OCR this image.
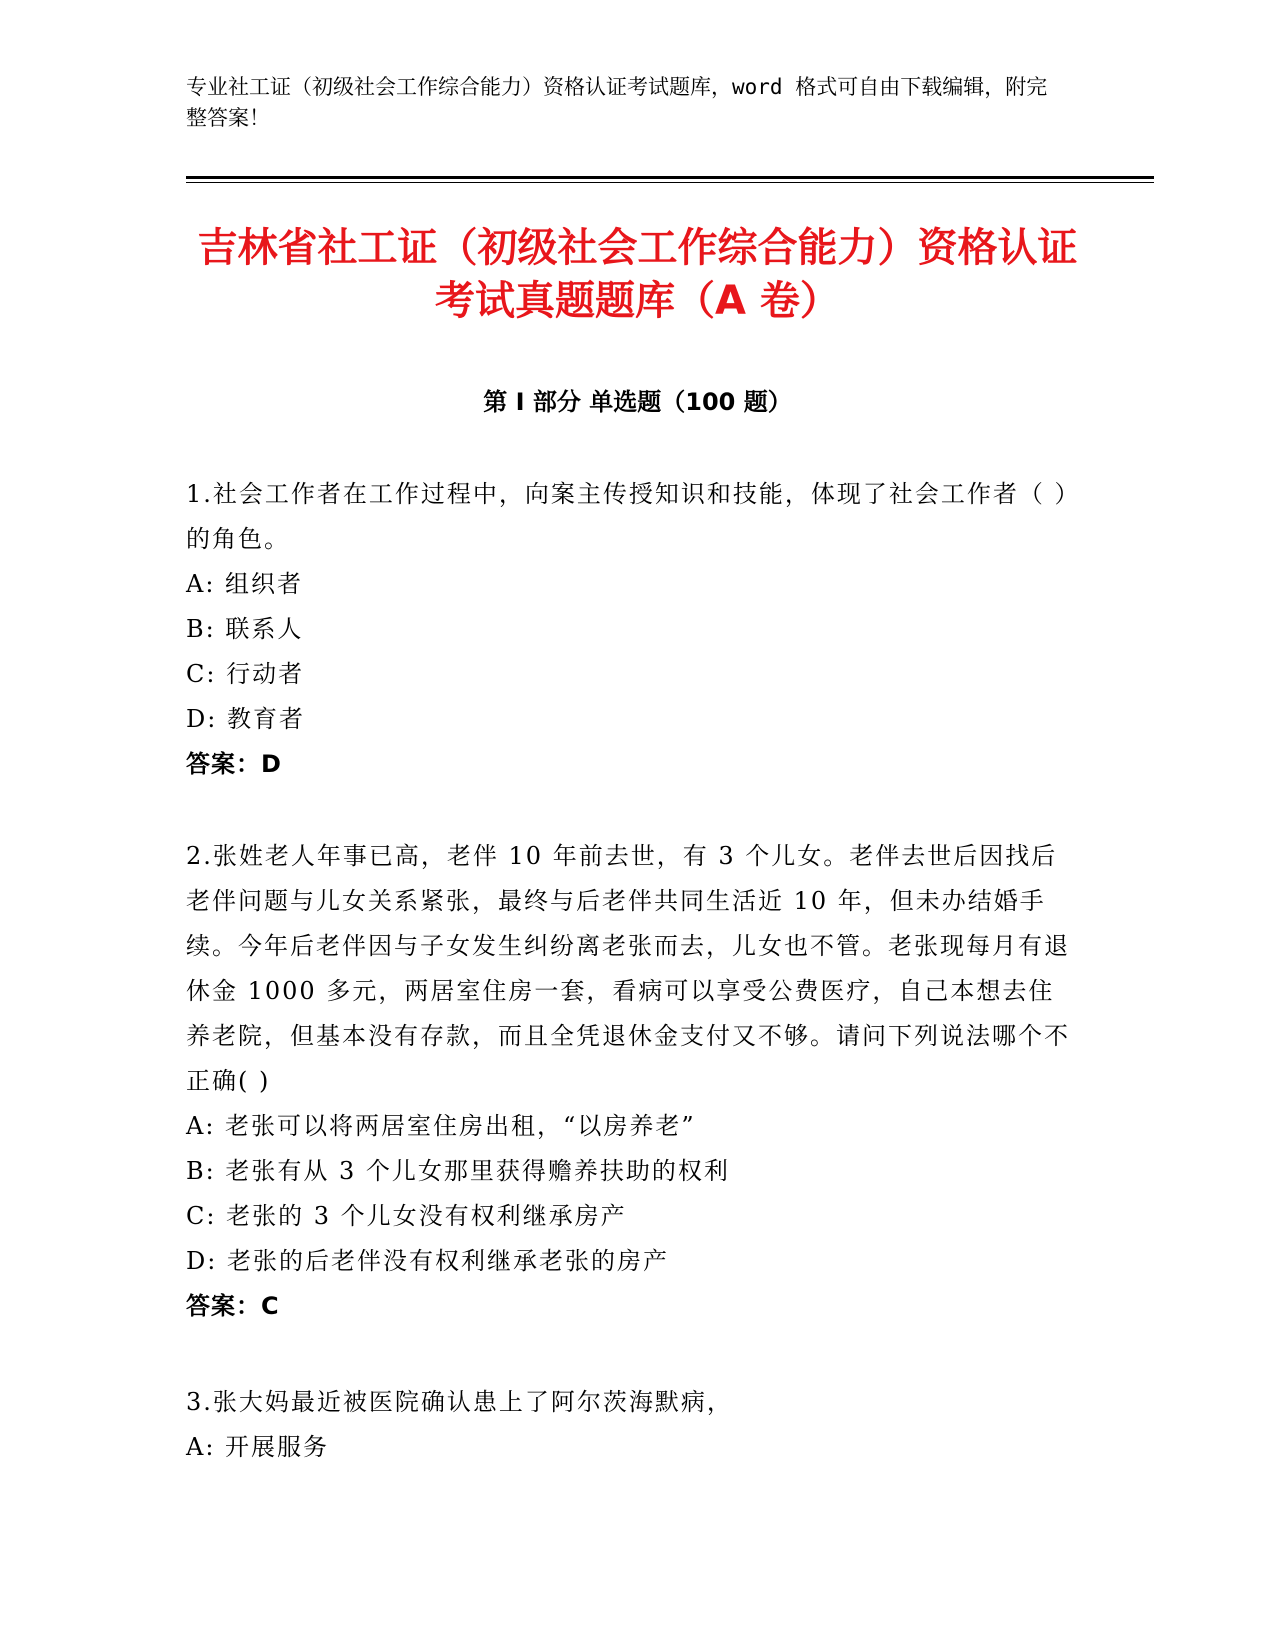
专业社工证（初级社会工作综合能力）资格认证考试题库，word 格式可自由下载编辑，附完整答案！
吉林省社工证（初级社会工作综合能力）资格认证考试真题题库（A 卷）
第 I 部分 单选题（100 题）
1.社会工作者在工作过程中，向案主传授知识和技能，体现了社会工作者（ ）的角色。
A: 组织者
B: 联系人
C: 行动者
D: 教育者
答案：D
2.张姓老人年事已高，老伴 10 年前去世，有 3 个儿女。老伴去世后因找后老伴问题与儿女关系紧张，最终与后老伴共同生活近 10 年，但未办结婚手续。今年后老伴因与子女发生纠纷离老张而去，儿女也不管。老张现每月有退休金 1000 多元，两居室住房一套，看病可以享受公费医疗，自己本想去住养老院，但基本没有存款，而且全凭退休金支付又不够。请问下列说法哪个不正确( )
A: 老张可以将两居室住房出租，“以房养老”
B: 老张有从 3 个儿女那里获得赡养扶助的权利
C: 老张的 3 个儿女没有权利继承房产
D: 老张的后老伴没有权利继承老张的房产
答案：C
3.张大妈最近被医院确认患上了阿尔茨海默病，
A: 开展服务
